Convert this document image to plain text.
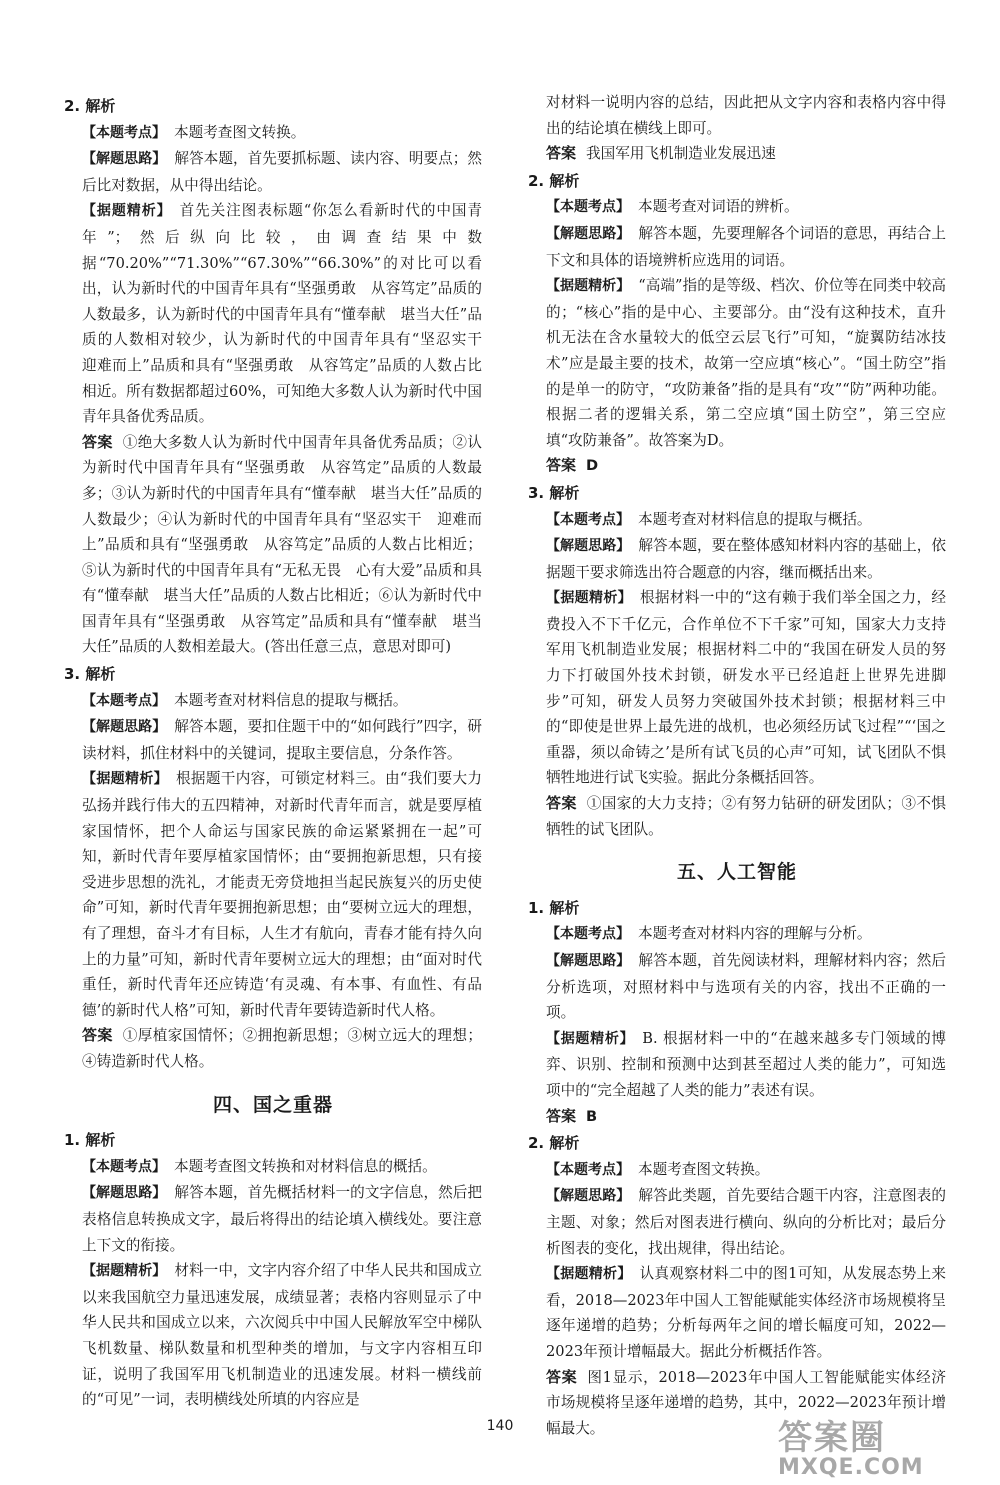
2. 解析

【本题考点】 本题考查图文转换。

【解题思路】 解答本题，首先要抓标题、读内容、明要点；然后比对数据，从中得出结论。

【据题精析】 首先关注图表标题“你怎么看新时代的中国青年”；然后纵向比较，由调查结果中数据“70.20%”“71.30%”“67.30%”“66.30%”的对比可以看出，认为新时代的中国青年具有“坚强勇敢　从容笃定”品质的人数最多，认为新时代的中国青年具有“懂奉献　堪当大任”品质的人数相对较少，认为新时代的中国青年具有“坚忍实干　迎难而上”品质和具有“坚强勇敢　从容笃定”品质的人数占比相近。所有数据都超过60%，可知绝大多数人认为新时代中国青年具备优秀品质。

答案 ①绝大多数人认为新时代中国青年具备优秀品质；②认为新时代中国青年具有“坚强勇敢　从容笃定”品质的人数最多；③认为新时代的中国青年具有“懂奉献　堪当大任”品质的人数最少；④认为新时代的中国青年具有“坚忍实干　迎难而上”品质和具有“坚强勇敢　从容笃定”品质的人数占比相近；⑤认为新时代的中国青年具有“无私无畏　心有大爱”品质和具有“懂奉献　堪当大任”品质的人数占比相近；⑥认为新时代中国青年具有“坚强勇敢　从容笃定”品质和具有“懂奉献　堪当大任”品质的人数相差最大。(答出任意三点，意思对即可)

3. 解析

【本题考点】 本题考查对材料信息的提取与概括。

【解题思路】 解答本题，要扣住题干中的“如何践行”四字，研读材料，抓住材料中的关键词，提取主要信息，分条作答。

【据题精析】 根据题干内容，可锁定材料三。由“我们要大力弘扬并践行伟大的五四精神，对新时代青年而言，就是要厚植家国情怀，把个人命运与国家民族的命运紧紧拥在一起”可知，新时代青年要厚植家国情怀；由“要拥抱新思想，只有接受进步思想的洗礼，才能责无旁贷地担当起民族复兴的历史使命”可知，新时代青年要拥抱新思想；由“要树立远大的理想，有了理想，奋斗才有目标，人生才有航向，青春才能有持久向上的力量”可知，新时代青年要树立远大的理想；由“面对时代重任，新时代青年还应铸造‘有灵魂、有本事、有血性、有品德’的新时代人格”可知，新时代青年要铸造新时代人格。

答案 ①厚植家国情怀；②拥抱新思想；③树立远大的理想；④铸造新时代人格。

四、国之重器
1. 解析

【本题考点】 本题考查图文转换和对材料信息的概括。

【解题思路】 解答本题，首先概括材料一的文字信息，然后把表格信息转换成文字，最后将得出的结论填入横线处。要注意上下文的衔接。

【据题精析】 材料一中，文字内容介绍了中华人民共和国成立以来我国航空力量迅速发展，成绩显著；表格内容则显示了中华人民共和国成立以来，六次阅兵中中国人民解放军空中梯队飞机数量、梯队数量和机型种类的增加，与文字内容相互印证，说明了我国军用飞机制造业的迅速发展。材料一横线前的“可见”一词，表明横线处所填的内容应是

对材料一说明内容的总结，因此把从文字内容和表格内容中得出的结论填在横线上即可。

答案 我国军用飞机制造业发展迅速

2. 解析

【本题考点】 本题考查对词语的辨析。

【解题思路】 解答本题，先要理解各个词语的意思，再结合上下文和具体的语境辨析应选用的词语。

【据题精析】 “高端”指的是等级、档次、价位等在同类中较高的；“核心”指的是中心、主要部分。由“没有这种技术，直升机无法在含水量较大的低空云层飞行”可知，“旋翼防结冰技术”应是最主要的技术，故第一空应填“核心”。“国土防空”指的是单一的防守，“攻防兼备”指的是具有“攻”“防”两种功能。根据二者的逻辑关系，第二空应填“国土防空”，第三空应填“攻防兼备”。故答案为D。

答案 D

3. 解析

【本题考点】 本题考查对材料信息的提取与概括。

【解题思路】 解答本题，要在整体感知材料内容的基础上，依据题干要求筛选出符合题意的内容，继而概括出来。

【据题精析】 根据材料一中的“这有赖于我们举全国之力，经费投入不下千亿元，合作单位不下千家”可知，国家大力支持军用飞机制造业发展；根据材料二中的“我国在研发人员的努力下打破国外技术封锁，研发水平已经追赶上世界先进脚步”可知，研发人员努力突破国外技术封锁；根据材料三中的“即使是世界上最先进的战机，也必须经历试飞过程”“‘国之重器，须以命铸之’是所有试飞员的心声”可知，试飞团队不惧牺牲地进行试飞实验。据此分条概括回答。

答案 ①国家的大力支持；②有努力钻研的研发团队；③不惧牺牲的试飞团队。

五、人工智能
1. 解析

【本题考点】 本题考查对材料内容的理解与分析。

【解题思路】 解答本题，首先阅读材料，理解材料内容；然后分析选项，对照材料中与选项有关的内容，找出不正确的一项。

【据题精析】 B. 根据材料一中的“在越来越多专门领域的博弈、识别、控制和预测中达到甚至超过人类的能力”，可知选项中的“完全超越了人类的能力”表述有误。

答案 B

2. 解析

【本题考点】 本题考查图文转换。

【解题思路】 解答此类题，首先要结合题干内容，注意图表的主题、对象；然后对图表进行横向、纵向的分析比对；最后分析图表的变化，找出规律，得出结论。

【据题精析】 认真观察材料二中的图1可知，从发展态势上来看，2018—2023年中国人工智能赋能实体经济市场规模将呈逐年递增的趋势；分析每两年之间的增长幅度可知，2022—2023年预计增幅最大。据此分析概括作答。

答案 图1显示，2018—2023年中国人工智能赋能实体经济市场规模将呈逐年递增的趋势，其中，2022—2023年预计增幅最大。

140	答案圈
MXQE.COM
